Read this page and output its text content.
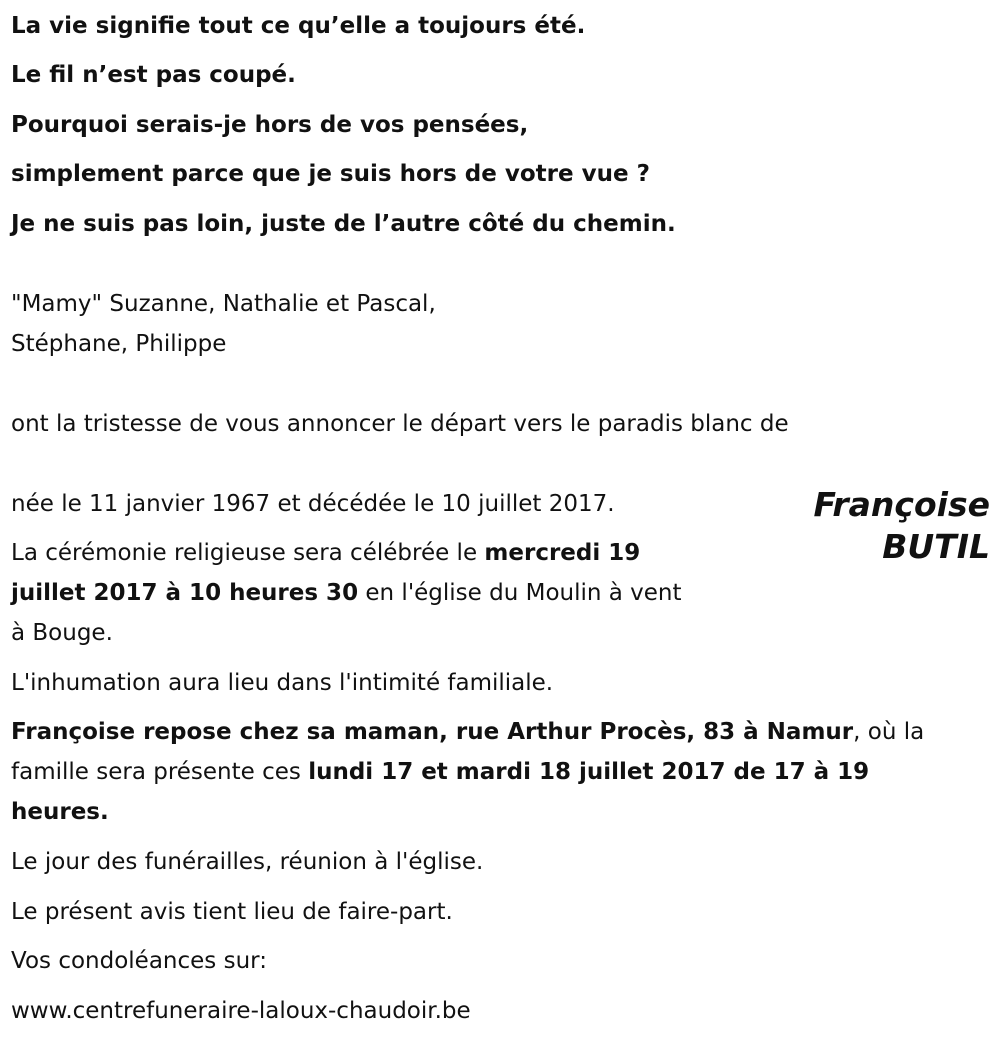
La vie signifie tout ce qu’elle a toujours été.

Le fil n’est pas coupé.

Pourquoi serais-je hors de vos pensées,

simplement parce que je suis hors de votre vue ?

Je ne suis pas loin, juste de l’autre côté du chemin.

"Mamy" Suzanne, Nathalie et Pascal,

Stéphane, Philippe

ont la tristesse de vous annoncer le départ vers le paradis blanc de

Françoise
BUTIL

née le 11 janvier 1967 et décédée le 10 juillet 2017.

La cérémonie religieuse sera célébrée le mercredi 19

juillet 2017 à 10 heures 30 en l'église du Moulin à vent

à Bouge.

L'inhumation aura lieu dans l'intimité familiale.

Françoise repose chez sa maman, rue Arthur Procès, 83 à Namur, où la

famille sera présente ces lundi 17 et mardi 18 juillet 2017 de 17 à 19

heures.

Le jour des funérailles, réunion à l'église.

Le présent avis tient lieu de faire-part.

Vos condoléances sur:

www.centrefuneraire-laloux-chaudoir.be
